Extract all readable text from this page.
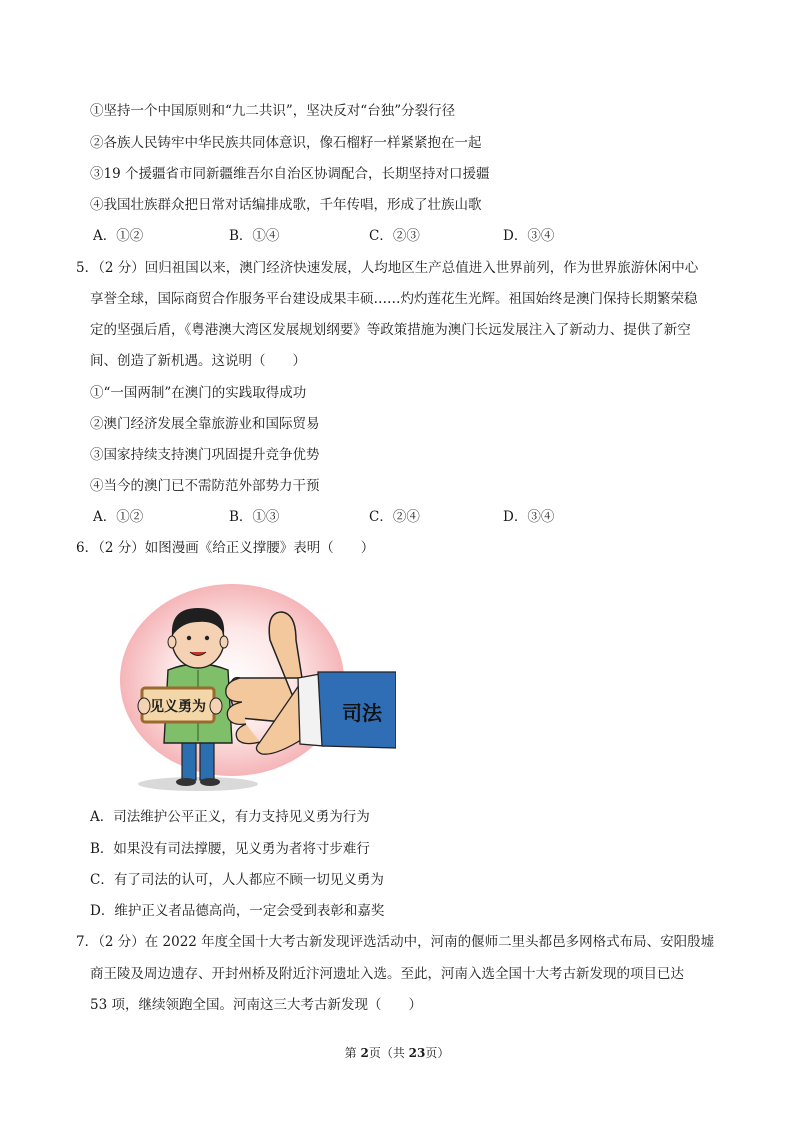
①坚持一个中国原则和“九二共识”，坚决反对“台独”分裂行径
②各族人民铸牢中华民族共同体意识，像石榴籽一样紧紧抱在一起
③19 个援疆省市同新疆维吾尔自治区协调配合，长期坚持对口援疆
④我国壮族群众把日常对话编排成歌，千年传唱，形成了壮族山歌
A．①②	B．①④	C．②③	D．③④
5．（2 分）回归祖国以来，澳门经济快速发展，人均地区生产总值进入世界前列，作为世界旅游休闲中心
享誉全球，国际商贸合作服务平台建设成果丰硕……灼灼莲花生光辉。祖国始终是澳门保持长期繁荣稳
定的坚强后盾，《粤港澳大湾区发展规划纲要》等政策措施为澳门长远发展注入了新动力、提供了新空
间、创造了新机遇。这说明（　　）
①“一国两制”在澳门的实践取得成功
②澳门经济发展全靠旅游业和国际贸易
③国家持续支持澳门巩固提升竞争优势
④当今的澳门已不需防范外部势力干预
A．①②	B．①③	C．②④	D．③④
6．（2 分）如图漫画《给正义撑腰》表明（　　）
见义勇为	司法
A．司法维护公平正义，有力支持见义勇为行为
B．如果没有司法撑腰，见义勇为者将寸步难行
C．有了司法的认可，人人都应不顾一切见义勇为
D．维护正义者品德高尚，一定会受到表彰和嘉奖
7．（2 分）在 2022 年度全国十大考古新发现评选活动中，河南的偃师二里头都邑多网格式布局、安阳殷墟
商王陵及周边遗存、开封州桥及附近汴河遗址入选。至此，河南入选全国十大考古新发现的项目已达
53 项，继续领跑全国。河南这三大考古新发现（　　）
第 2页（共 23页）
